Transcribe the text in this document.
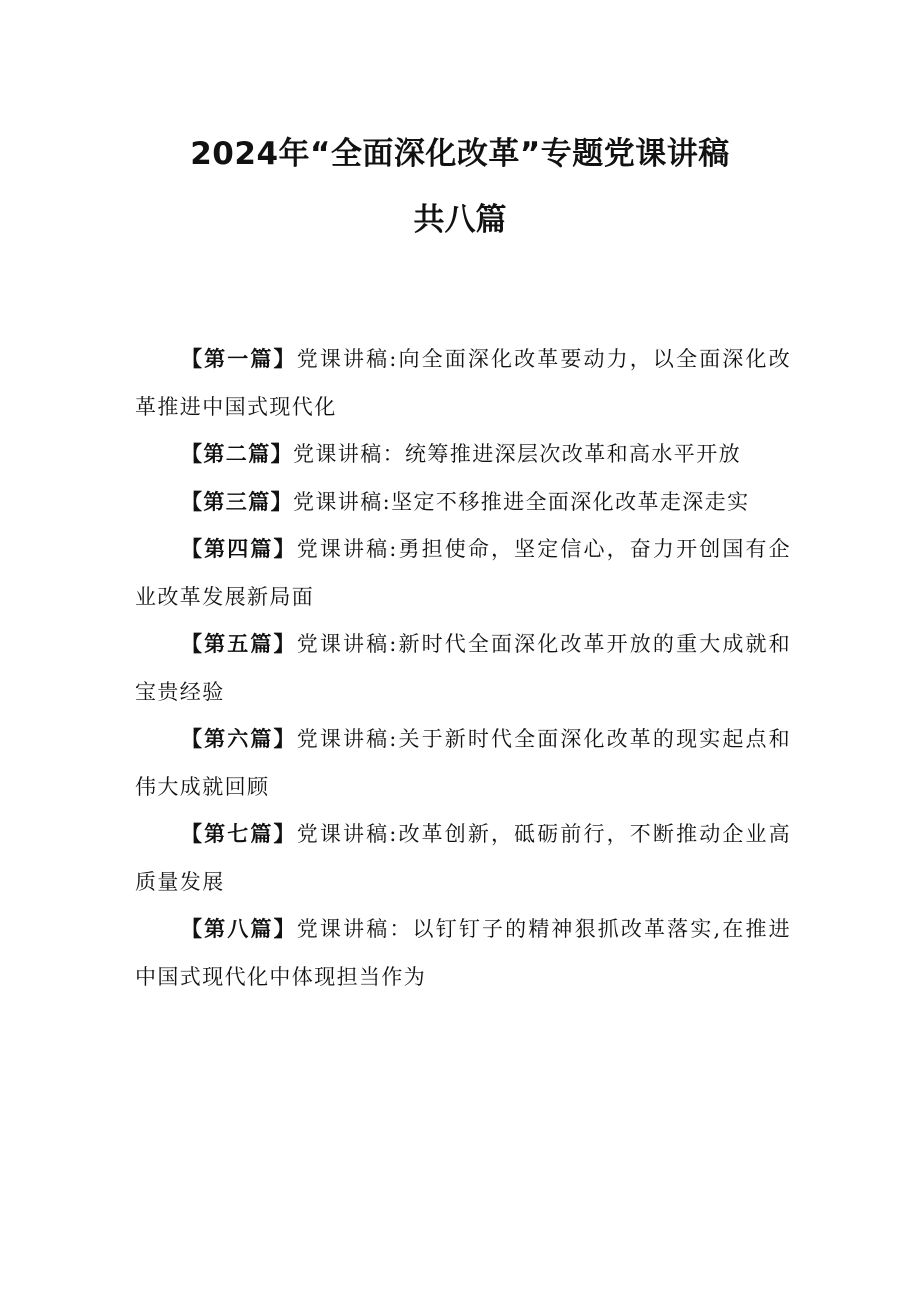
2024年“全面深化改革”专题党课讲稿
共八篇
【第一篇】党课讲稿:向全面深化改革要动力，以全面深化改革推进中国式现代化
【第二篇】党课讲稿：统筹推进深层次改革和高水平开放
【第三篇】党课讲稿:坚定不移推进全面深化改革走深走实
【第四篇】党课讲稿:勇担使命，坚定信心，奋力开创国有企业改革发展新局面
【第五篇】党课讲稿:新时代全面深化改革开放的重大成就和宝贵经验
【第六篇】党课讲稿:关于新时代全面深化改革的现实起点和伟大成就回顾
【第七篇】党课讲稿:改革创新，砥砺前行，不断推动企业高质量发展
【第八篇】党课讲稿：以钉钉子的精神狠抓改革落实,在推进中国式现代化中体现担当作为
